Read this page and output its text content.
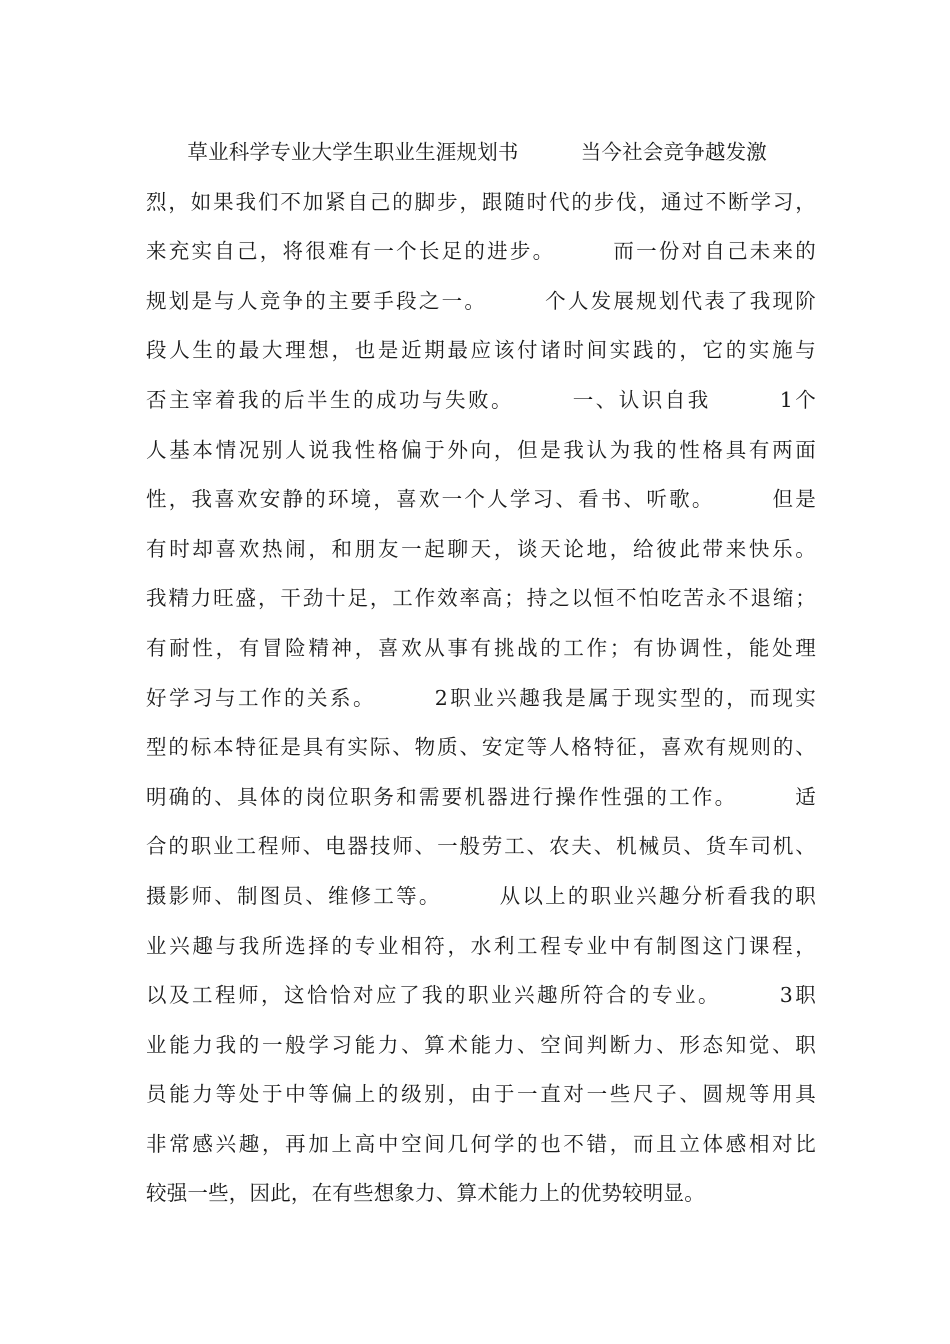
　　草业科学专业大学生职业生涯规划书　　　当今社会竞争越发激
烈，如果我们不加紧自己的脚步，跟随时代的步伐，通过不断学习，
来充实自己，将很难有一个长足的进步。　　　而一份对自己未来的
规划是与人竞争的主要手段之一。　　　个人发展规划代表了我现阶
段人生的最大理想，也是近期最应该付诸时间实践的，它的实施与
否主宰着我的后半生的成功与失败。　　　一、认识自我　　　1个
人基本情况别人说我性格偏于外向，但是我认为我的性格具有两面
性，我喜欢安静的环境，喜欢一个人学习、看书、听歌。　　　但是
有时却喜欢热闹，和朋友一起聊天，谈天论地，给彼此带来快乐。
我精力旺盛，干劲十足，工作效率高；持之以恒不怕吃苦永不退缩；
有耐性，有冒险精神，喜欢从事有挑战的工作；有协调性，能处理
好学习与工作的关系。　　　2职业兴趣我是属于现实型的，而现实
型的标本特征是具有实际、物质、安定等人格特征，喜欢有规则的、
明确的、具体的岗位职务和需要机器进行操作性强的工作。　　　适
合的职业工程师、电器技师、一般劳工、农夫、机械员、货车司机、
摄影师、制图员、维修工等。　　　从以上的职业兴趣分析看我的职
业兴趣与我所选择的专业相符，水利工程专业中有制图这门课程，
以及工程师，这恰恰对应了我的职业兴趣所符合的专业。　　　3职
业能力我的一般学习能力、算术能力、空间判断力、形态知觉、职
员能力等处于中等偏上的级别，由于一直对一些尺子、圆规等用具
非常感兴趣，再加上高中空间几何学的也不错，而且立体感相对比
较强一些，因此，在有些想象力、算术能力上的优势较明显。
